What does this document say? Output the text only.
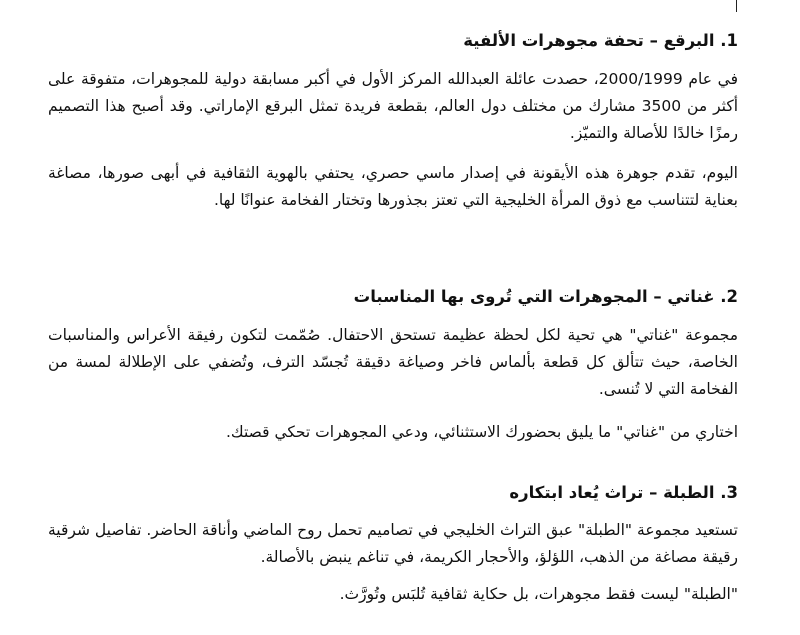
1. البرقع – تحفة مجوهرات الألفية

في عام 2000/1999، حصدت عائلة العبدالله المركز الأول في أكبر مسابقة دولية للمجوهرات، متفوقة على أكثر من 3500 مشارك من مختلف دول العالم، بقطعة فريدة تمثل البرقع الإماراتي. وقد أصبح هذا التصميم رمزًا خالدًا للأصالة والتميّز.

اليوم، تقدم جوهرة هذه الأيقونة في إصدار ماسي حصري، يحتفي بالهوية الثقافية في أبهى صورها، مصاغة بعناية لتتناسب مع ذوق المرأة الخليجية التي تعتز بجذورها وتختار الفخامة عنوانًا لها.

2. غناتي – المجوهرات التي تُروى بها المناسبات

مجموعة "غناتي" هي تحية لكل لحظة عظيمة تستحق الاحتفال. صُمّمت لتكون رفيقة الأعراس والمناسبات الخاصة، حيث تتألق كل قطعة بألماس فاخر وصياغة دقيقة تُجسّد الترف، وتُضفي على الإطلالة لمسة من الفخامة التي لا تُنسى.

اختاري من "غناتي" ما يليق بحضورك الاستثنائي، ودعي المجوهرات تحكي قصتك.

3. الطبلة – تراث يُعاد ابتكاره

تستعيد مجموعة "الطبلة" عبق التراث الخليجي في تصاميم تحمل روح الماضي وأناقة الحاضر. تفاصيل شرقية رقيقة مصاغة من الذهب، اللؤلؤ، والأحجار الكريمة، في تناغم ينبض بالأصالة.

"الطبلة" ليست فقط مجوهرات، بل حكاية ثقافية تُلبَس وتُورَّث.
